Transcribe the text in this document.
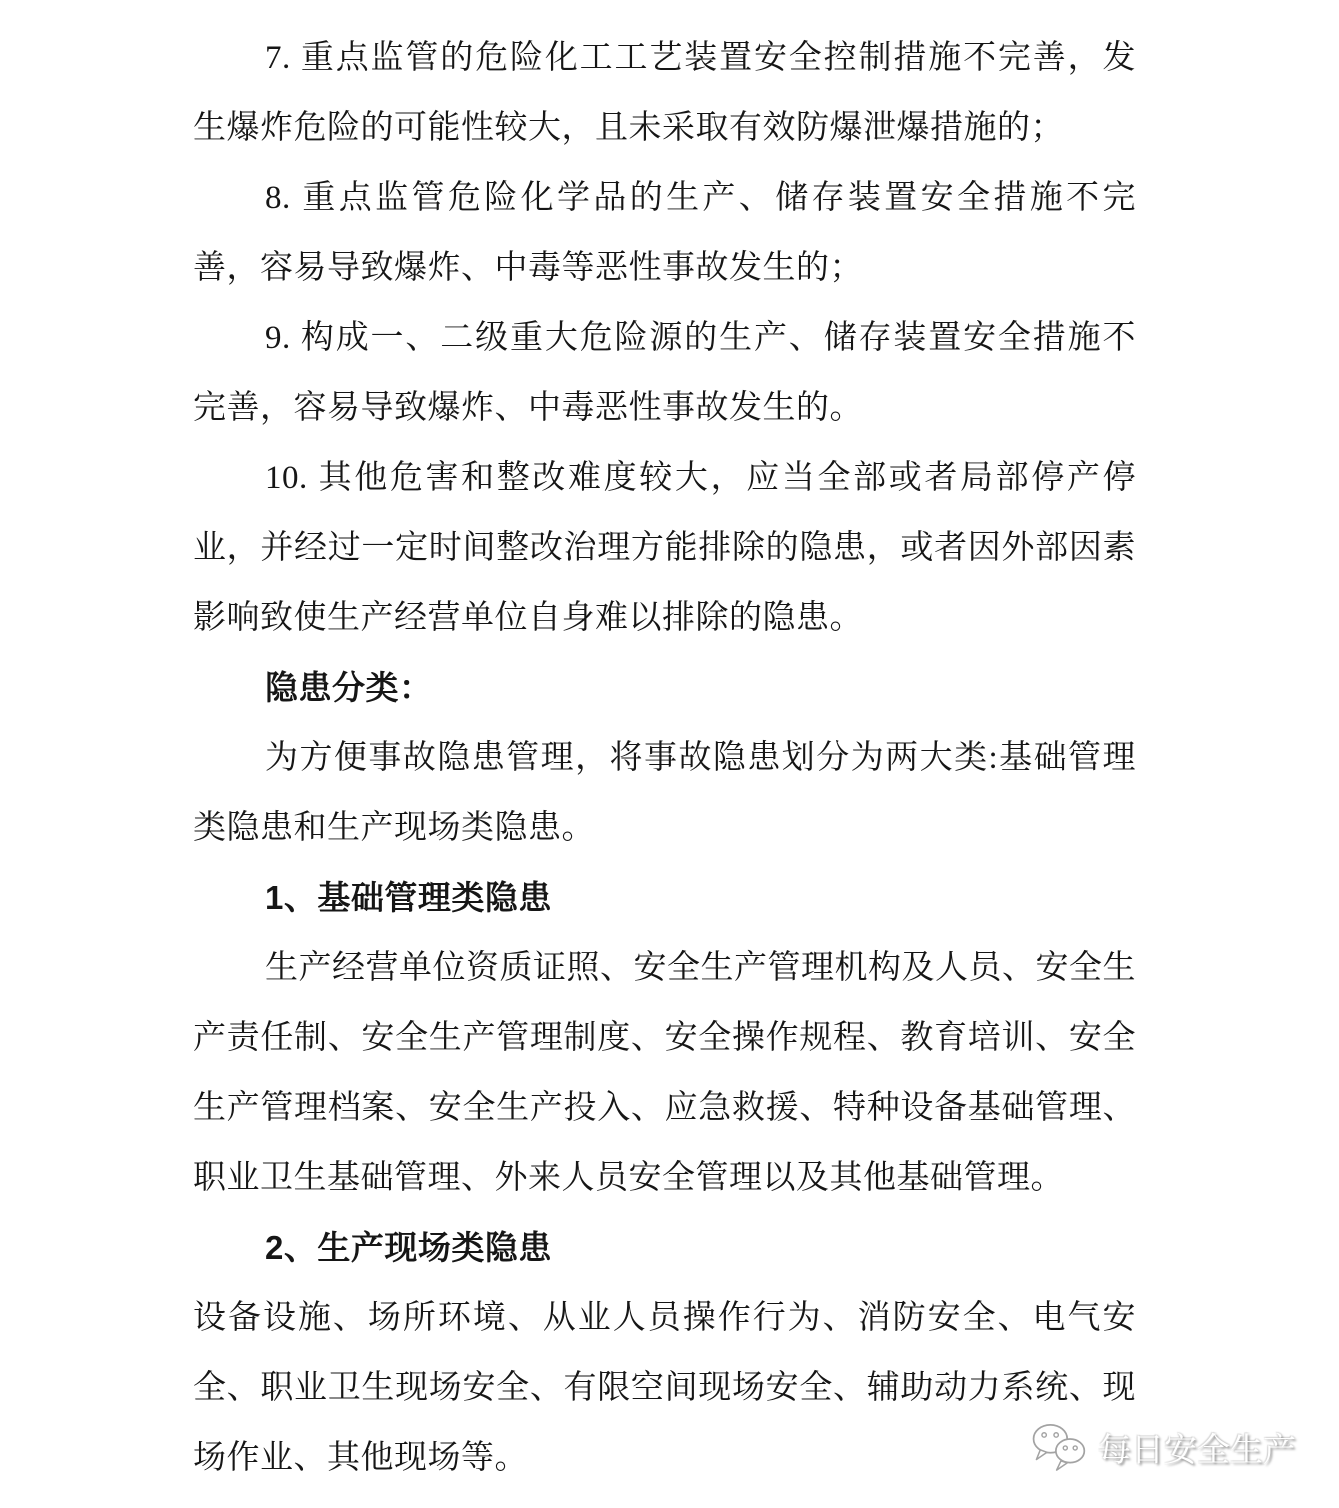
7. 重点监管的危险化工工艺装置安全控制措施不完善，发生爆炸危险的可能性较大，且未采取有效防爆泄爆措施的；

8. 重点监管危险化学品的生产、储存装置安全措施不完善，容易导致爆炸、中毒等恶性事故发生的；

9. 构成一、二级重大危险源的生产、储存装置安全措施不完善，容易导致爆炸、中毒恶性事故发生的。

10. 其他危害和整改难度较大，应当全部或者局部停产停业，并经过一定时间整改治理方能排除的隐患，或者因外部因素影响致使生产经营单位自身难以排除的隐患。

隐患分类：

为方便事故隐患管理，将事故隐患划分为两大类:基础管理类隐患和生产现场类隐患。

1、基础管理类隐患

生产经营单位资质证照、安全生产管理机构及人员、安全生产责任制、安全生产管理制度、安全操作规程、教育培训、安全生产管理档案、安全生产投入、应急救援、特种设备基础管理、职业卫生基础管理、外来人员安全管理以及其他基础管理。

2、生产现场类隐患

设备设施、场所环境、从业人员操作行为、消防安全、电气安全、职业卫生现场安全、有限空间现场安全、辅助动力系统、现场作业、其他现场等。	每日安全生产
